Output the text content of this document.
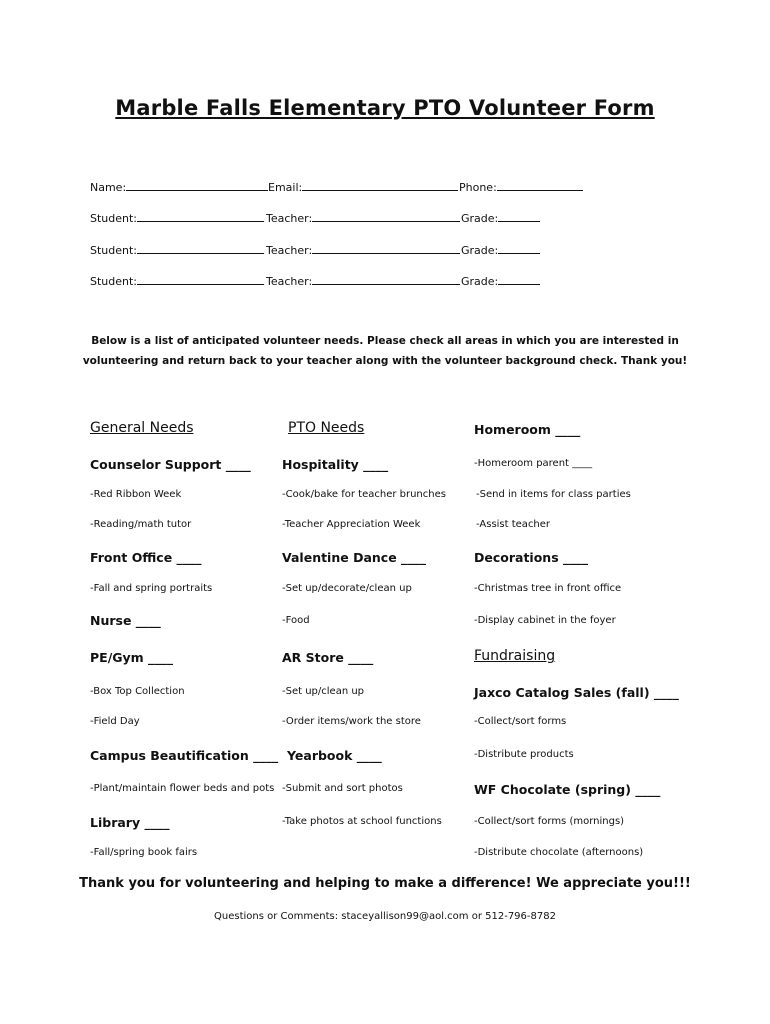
Marble Falls Elementary PTO Volunteer Form
Name:	Email:	Phone:
Student:	Teacher:	Grade:
Student:	Teacher:	Grade:
Student:	Teacher:	Grade:
Below is a list of anticipated volunteer needs. Please check all areas in which you are interested in
volunteering and return back to your teacher along with the volunteer background check. Thank you!
General Needs
Counselor Support ____
-Red Ribbon Week
-Reading/math tutor
Front Office ____
-Fall and spring portraits
Nurse ____
PE/Gym ____
-Box Top Collection
-Field Day
Campus Beautification ____
-Plant/maintain flower beds and pots
Library ____
-Fall/spring book fairs
PTO Needs
Hospitality ____
-Cook/bake for teacher brunches
-Teacher Appreciation Week
Valentine Dance ____
-Set up/decorate/clean up
-Food
AR Store ____
-Set up/clean up
-Order items/work the store
Yearbook ____
-Submit and sort photos
-Take photos at school functions
Homeroom ____
-Homeroom parent ____
-Send in items for class parties
-Assist teacher
Decorations ____
-Christmas tree in front office
-Display cabinet in the foyer
Fundraising
Jaxco Catalog Sales (fall) ____
-Collect/sort forms
-Distribute products
WF Chocolate (spring) ____
-Collect/sort forms (mornings)
-Distribute chocolate (afternoons)
Thank you for volunteering and helping to make a difference! We appreciate you!!!
Questions or Comments: staceyallison99@aol.com or 512-796-8782
